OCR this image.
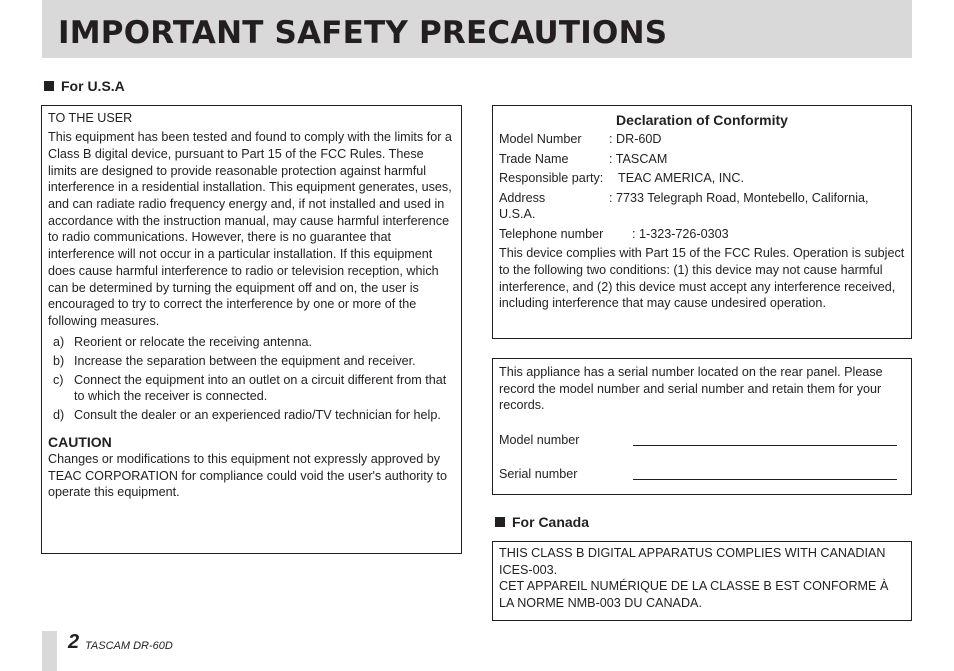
IMPORTANT SAFETY PRECAUTIONS
For U.S.A

TO THE USER

This equipment has been tested and found to comply with the limits for a Class B digital device, pursuant to Part 15 of the FCC Rules. These limits are designed to provide reasonable protection against harmful interference in a residential installation. This equipment generates, uses, and can radiate radio frequency energy and, if not installed and used in accordance with the instruction manual, may cause harmful interference to radio communications. However, there is no guarantee that interference will not occur in a particular installation. If this equipment does cause harmful interference to radio or television reception, which can be determined by turning the equipment off and on, the user is encouraged to try to correct the interference by one or more of the following measures.

a) Reorient or relocate the receiving antenna.
b) Increase the separation between the equipment and receiver.
c) Connect the equipment into an outlet on a circuit different from that to which the receiver is connected.
d) Consult the dealer or an experienced radio/TV technician for help.
CAUTION

Changes or modifications to this equipment not expressly approved by TEAC CORPORATION for compliance could void the user's authority to operate this equipment.

Declaration of Conformity
Model Number	: DR-60D
Trade Name	: TASCAM
Responsible party:	TEAC AMERICA, INC.
Address	: 7733 Telegraph Road, Montebello, California,

U.S.A.

Telephone number	: 1-323-726-0303

This device complies with Part 15 of the FCC Rules. Operation is subject to the following two conditions: (1) this device may not cause harmful interference, and (2) this device must accept any interference received, including interference that may cause undesired operation.

This appliance has a serial number located on the rear panel. Please record the model number and serial number and retain them for your records.

Model number
Serial number
For Canada

THIS CLASS B DIGITAL APPARATUS COMPLIES WITH CANADIAN ICES-003.

CET APPAREIL NUMÉRIQUE DE LA CLASSE B EST CONFORME À LA NORME NMB-003 DU CANADA.

2 TASCAM DR-60D
